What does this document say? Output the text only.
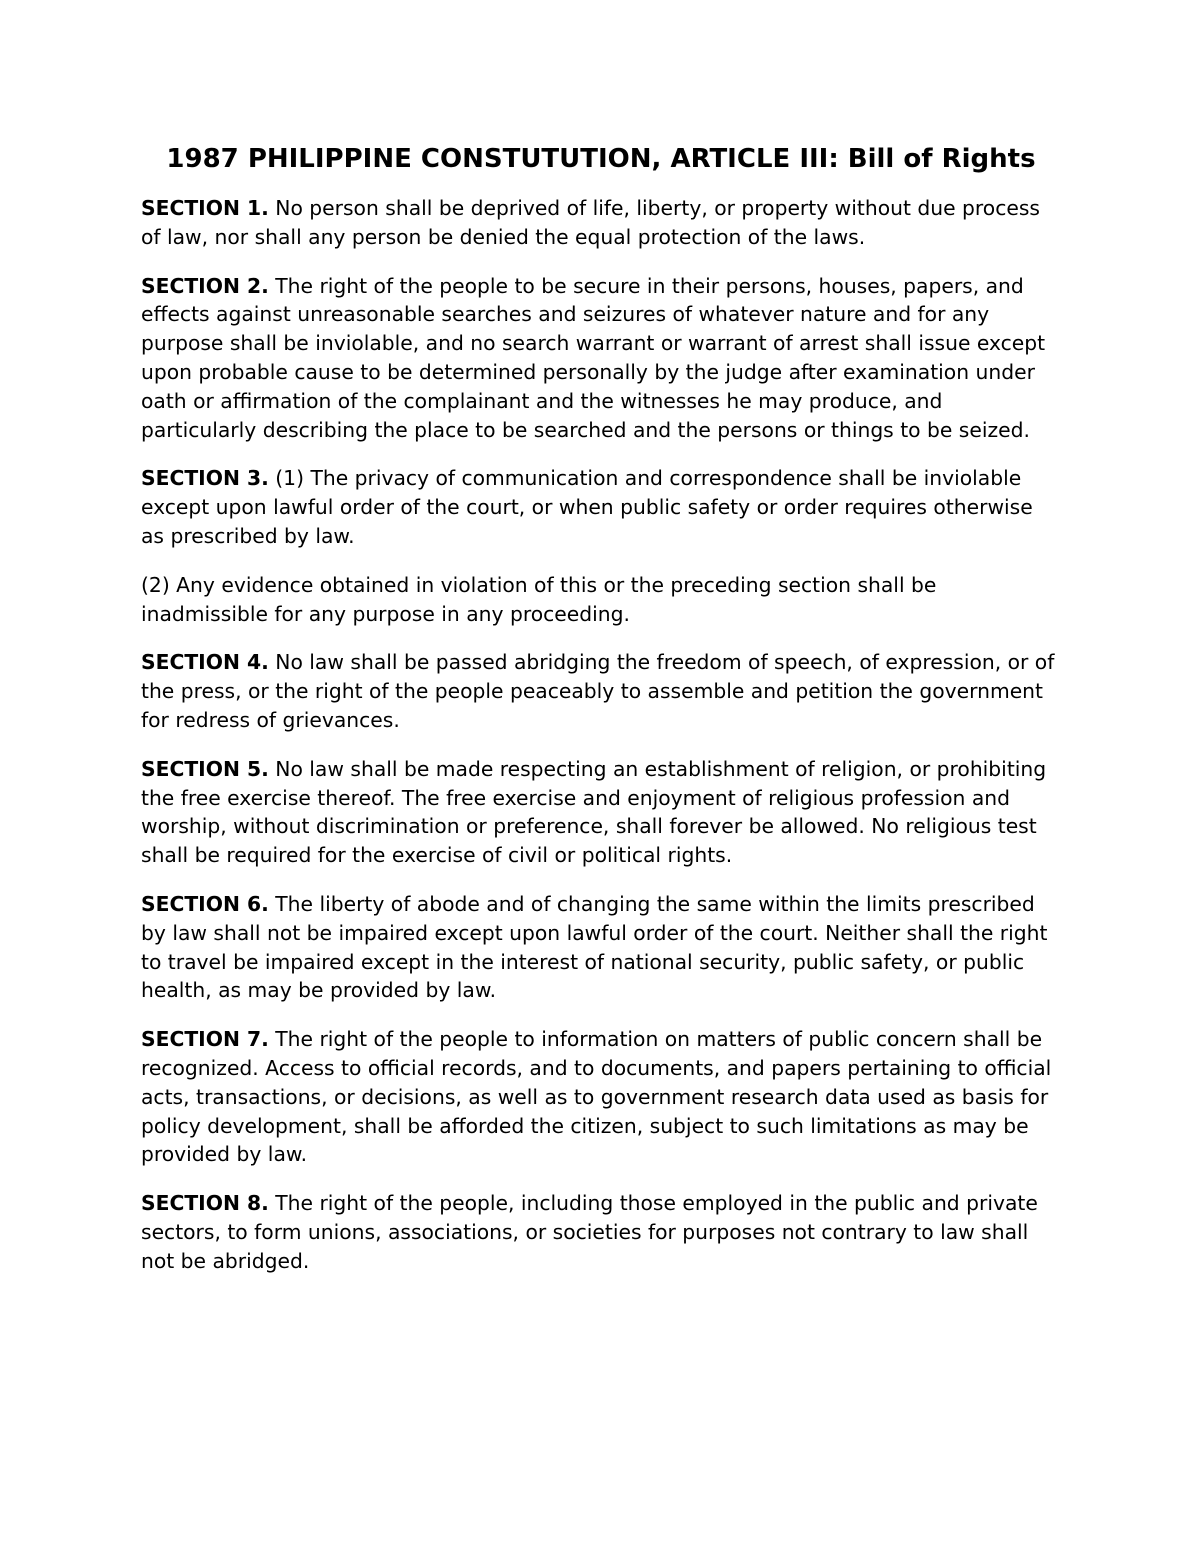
1987 PHILIPPINE CONSTUTUTION, ARTICLE III: Bill of Rights

SECTION 1. No person shall be deprived of life, liberty, or property without due process of law, nor shall any person be denied the equal protection of the laws.

SECTION 2. The right of the people to be secure in their persons, houses, papers, and effects against unreasonable searches and seizures of whatever nature and for any purpose shall be inviolable, and no search warrant or warrant of arrest shall issue except upon probable cause to be determined personally by the judge after examination under oath or affirmation of the complainant and the witnesses he may produce, and particularly describing the place to be searched and the persons or things to be seized.

SECTION 3. (1) The privacy of communication and correspondence shall be inviolable except upon lawful order of the court, or when public safety or order requires otherwise as prescribed by law.

(2) Any evidence obtained in violation of this or the preceding section shall be inadmissible for any purpose in any proceeding.

SECTION 4. No law shall be passed abridging the freedom of speech, of expression, or of the press, or the right of the people peaceably to assemble and petition the government for redress of grievances.

SECTION 5. No law shall be made respecting an establishment of religion, or prohibiting the free exercise thereof. The free exercise and enjoyment of religious profession and worship, without discrimination or preference, shall forever be allowed. No religious test shall be required for the exercise of civil or political rights.

SECTION 6. The liberty of abode and of changing the same within the limits prescribed by law shall not be impaired except upon lawful order of the court. Neither shall the right to travel be impaired except in the interest of national security, public safety, or public health, as may be provided by law.

SECTION 7. The right of the people to information on matters of public concern shall be recognized. Access to official records, and to documents, and papers pertaining to official acts, transactions, or decisions, as well as to government research data used as basis for policy development, shall be afforded the citizen, subject to such limitations as may be provided by law.

SECTION 8. The right of the people, including those employed in the public and private sectors, to form unions, associations, or societies for purposes not contrary to law shall not be abridged.
